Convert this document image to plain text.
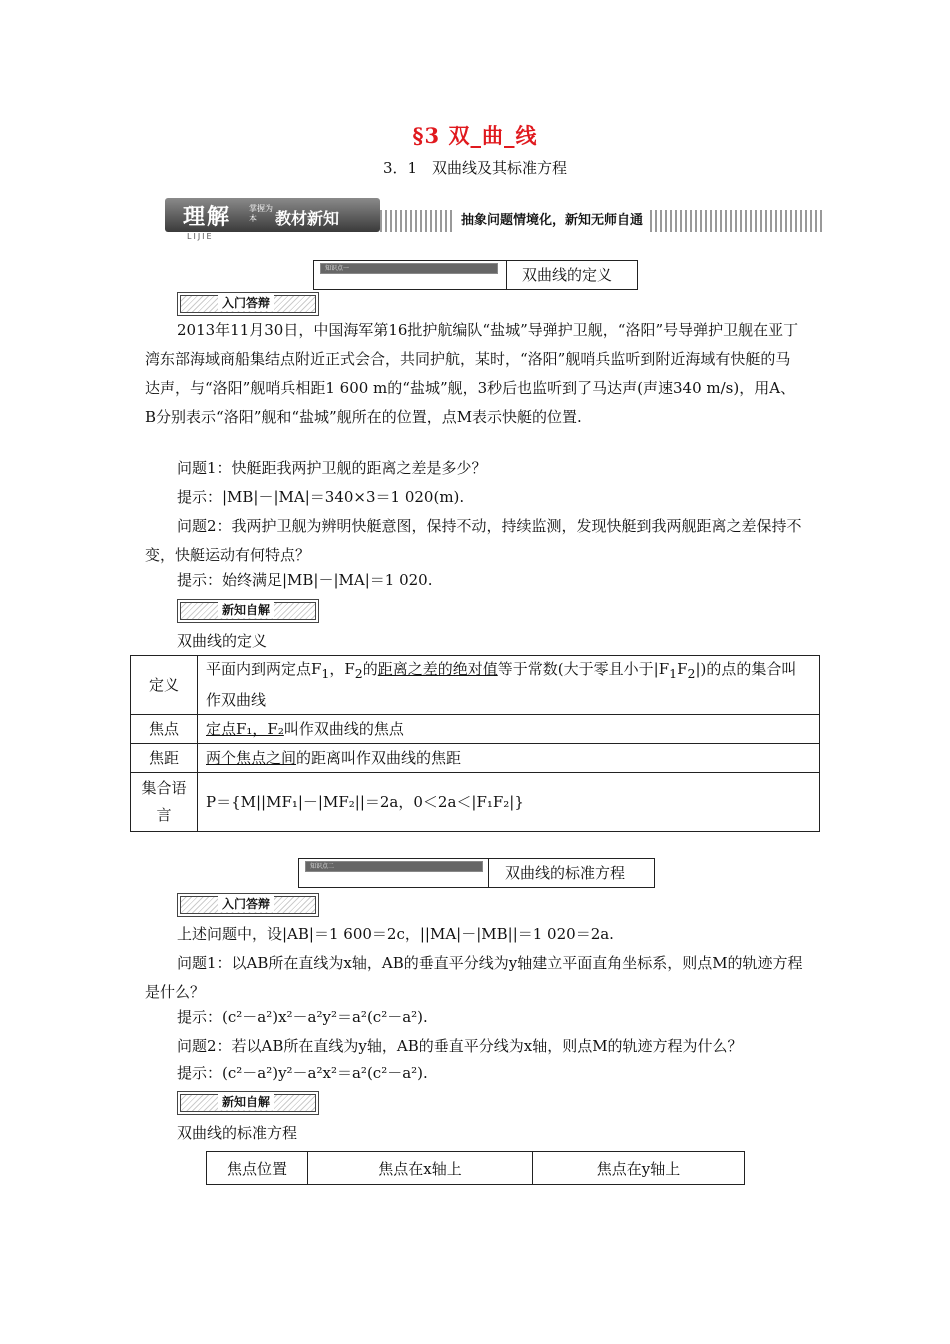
§3 双_曲_线
3．1　双曲线及其标准方程
理解 掌握为本	教材新知
LIJIE
抽象问题情境化，新知无师自通
知识点一	双曲线的定义
入门答辩
2013年11月30日，中国海军第16批护航编队“盐城”导弹护卫舰，“洛阳”号导弹护卫舰在亚丁湾东部海域商船集结点附近正式会合，共同护航，某时，“洛阳”舰哨兵监听到附近海域有快艇的马达声，与“洛阳”舰哨兵相距1 600 m的“盐城”舰，3秒后也监听到了马达声(声速340 m/s)，用A、B分别表示“洛阳”舰和“盐城”舰所在的位置，点M表示快艇的位置.
问题1：快艇距我两护卫舰的距离之差是多少？
提示：|MB|－|MA|＝340×3＝1 020(m).
问题2：我两护卫舰为辨明快艇意图，保持不动，持续监测，发现快艇到我两舰距离之差保持不变，快艇运动有何特点？
提示：始终满足|MB|－|MA|＝1 020.
新知自解
双曲线的定义
定义	平面内到两定点$F_1$，$F_2$的距离之差的绝对值等于常数(大于零且小于$|F_1F_2|$)的点的集合叫作双曲线
焦点	定点F₁，F₂叫作双曲线的焦点
焦距	两个焦点之间的距离叫作双曲线的焦距
集合语言	P＝{M||MF₁|－|MF₂||＝2a，0＜2a＜|F₁F₂|}
知识点二	双曲线的标准方程
入门答辩
上述问题中，设|AB|＝1 600＝2c，||MA|－|MB||＝1 020＝2a.
问题1：以AB所在直线为x轴，AB的垂直平分线为y轴建立平面直角坐标系，则点M的轨迹方程是什么？
提示：(c²－a²)x²－a²y²＝a²(c²－a²).
问题2：若以AB所在直线为y轴，AB的垂直平分线为x轴，则点M的轨迹方程为什么？
提示：(c²－a²)y²－a²x²＝a²(c²－a²).
新知自解
双曲线的标准方程
焦点位置	焦点在x轴上	焦点在y轴上
